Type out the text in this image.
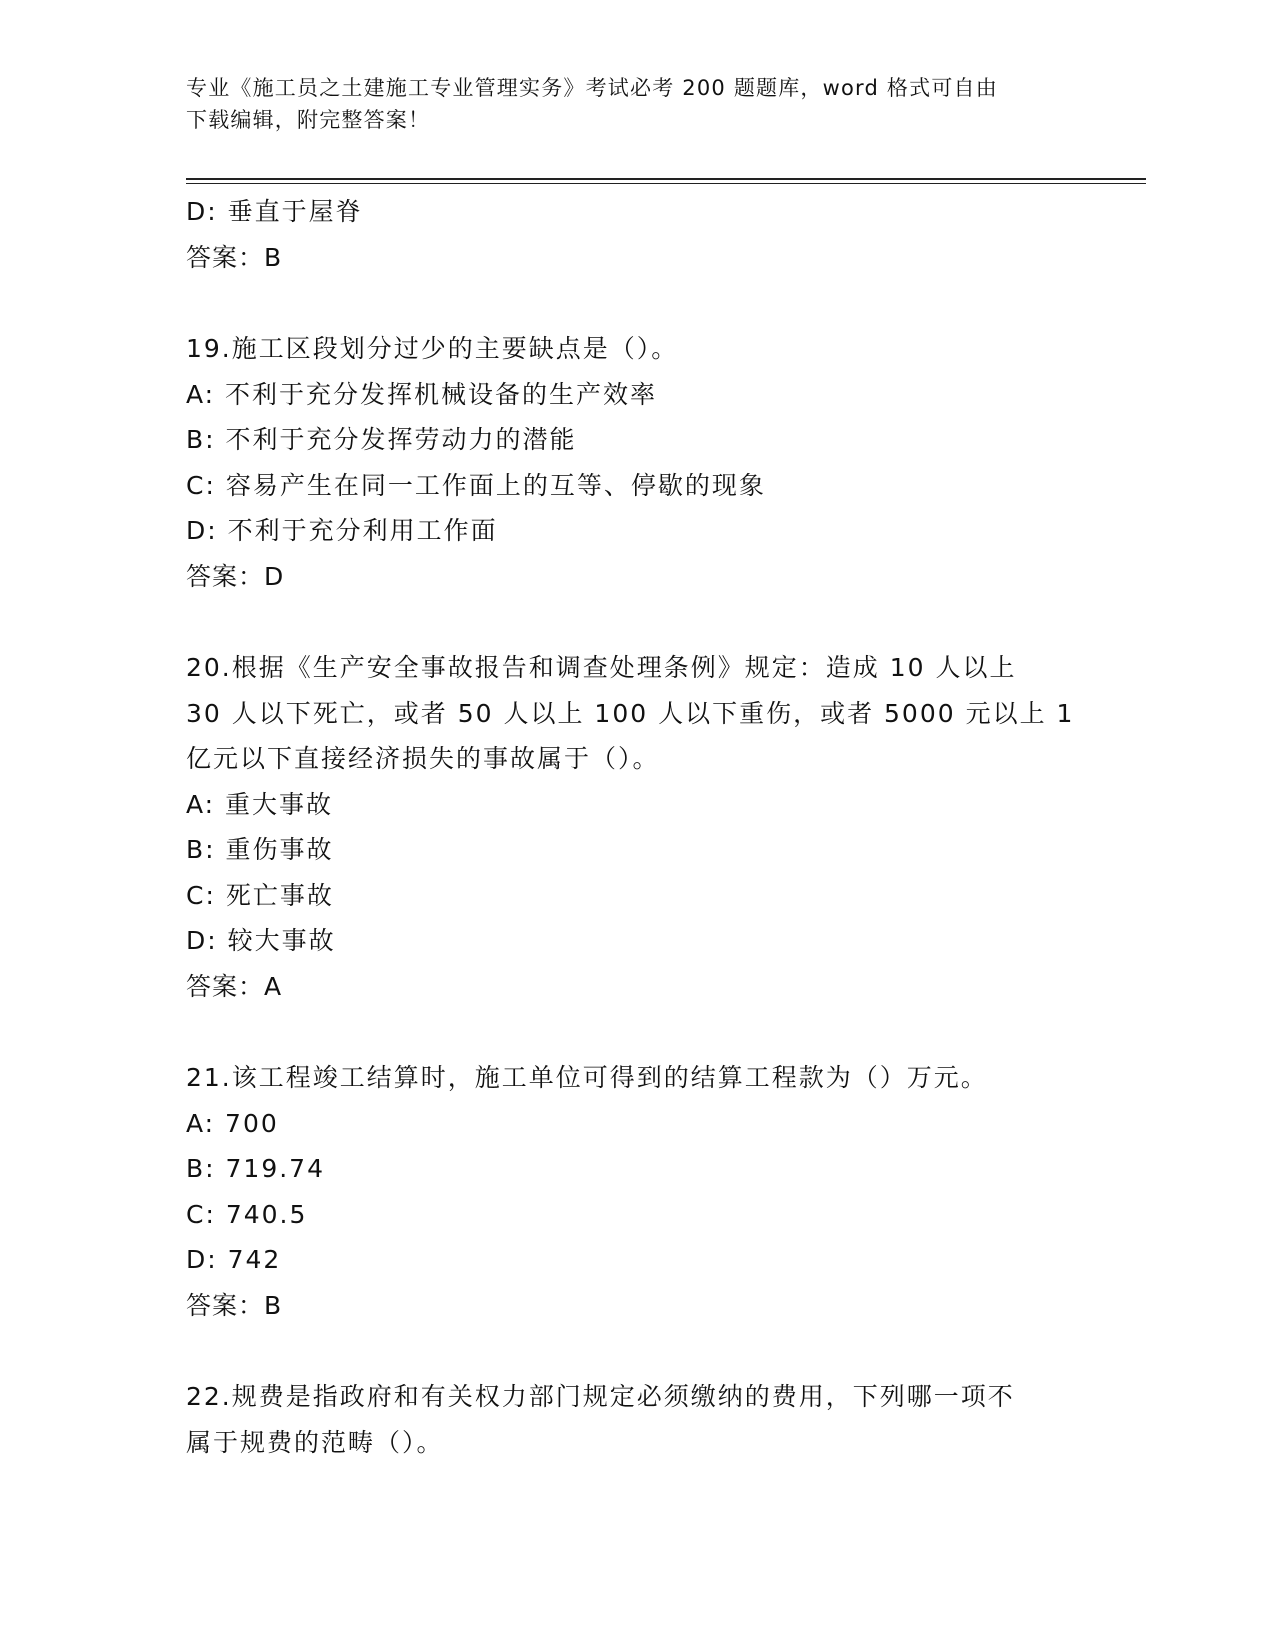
专业《施工员之土建施工专业管理实务》考试必考 200 题题库，word 格式可自由
下载编辑，附完整答案！
D: 垂直于屋脊
答案：B
19.施工区段划分过少的主要缺点是（）。
A: 不利于充分发挥机械设备的生产效率
B: 不利于充分发挥劳动力的潜能
C: 容易产生在同一工作面上的互等、停歇的现象
D: 不利于充分利用工作面
答案：D
20.根据《生产安全事故报告和调查处理条例》规定：造成 10 人以上
30 人以下死亡，或者 50 人以上 100 人以下重伤，或者 5000 元以上 1
亿元以下直接经济损失的事故属于（）。
A: 重大事故
B: 重伤事故
C: 死亡事故
D: 较大事故
答案：A
21.该工程竣工结算时，施工单位可得到的结算工程款为（）万元。
A: 700
B: 719.74
C: 740.5
D: 742
答案：B
22.规费是指政府和有关权力部门规定必须缴纳的费用，下列哪一项不
属于规费的范畴（）。
